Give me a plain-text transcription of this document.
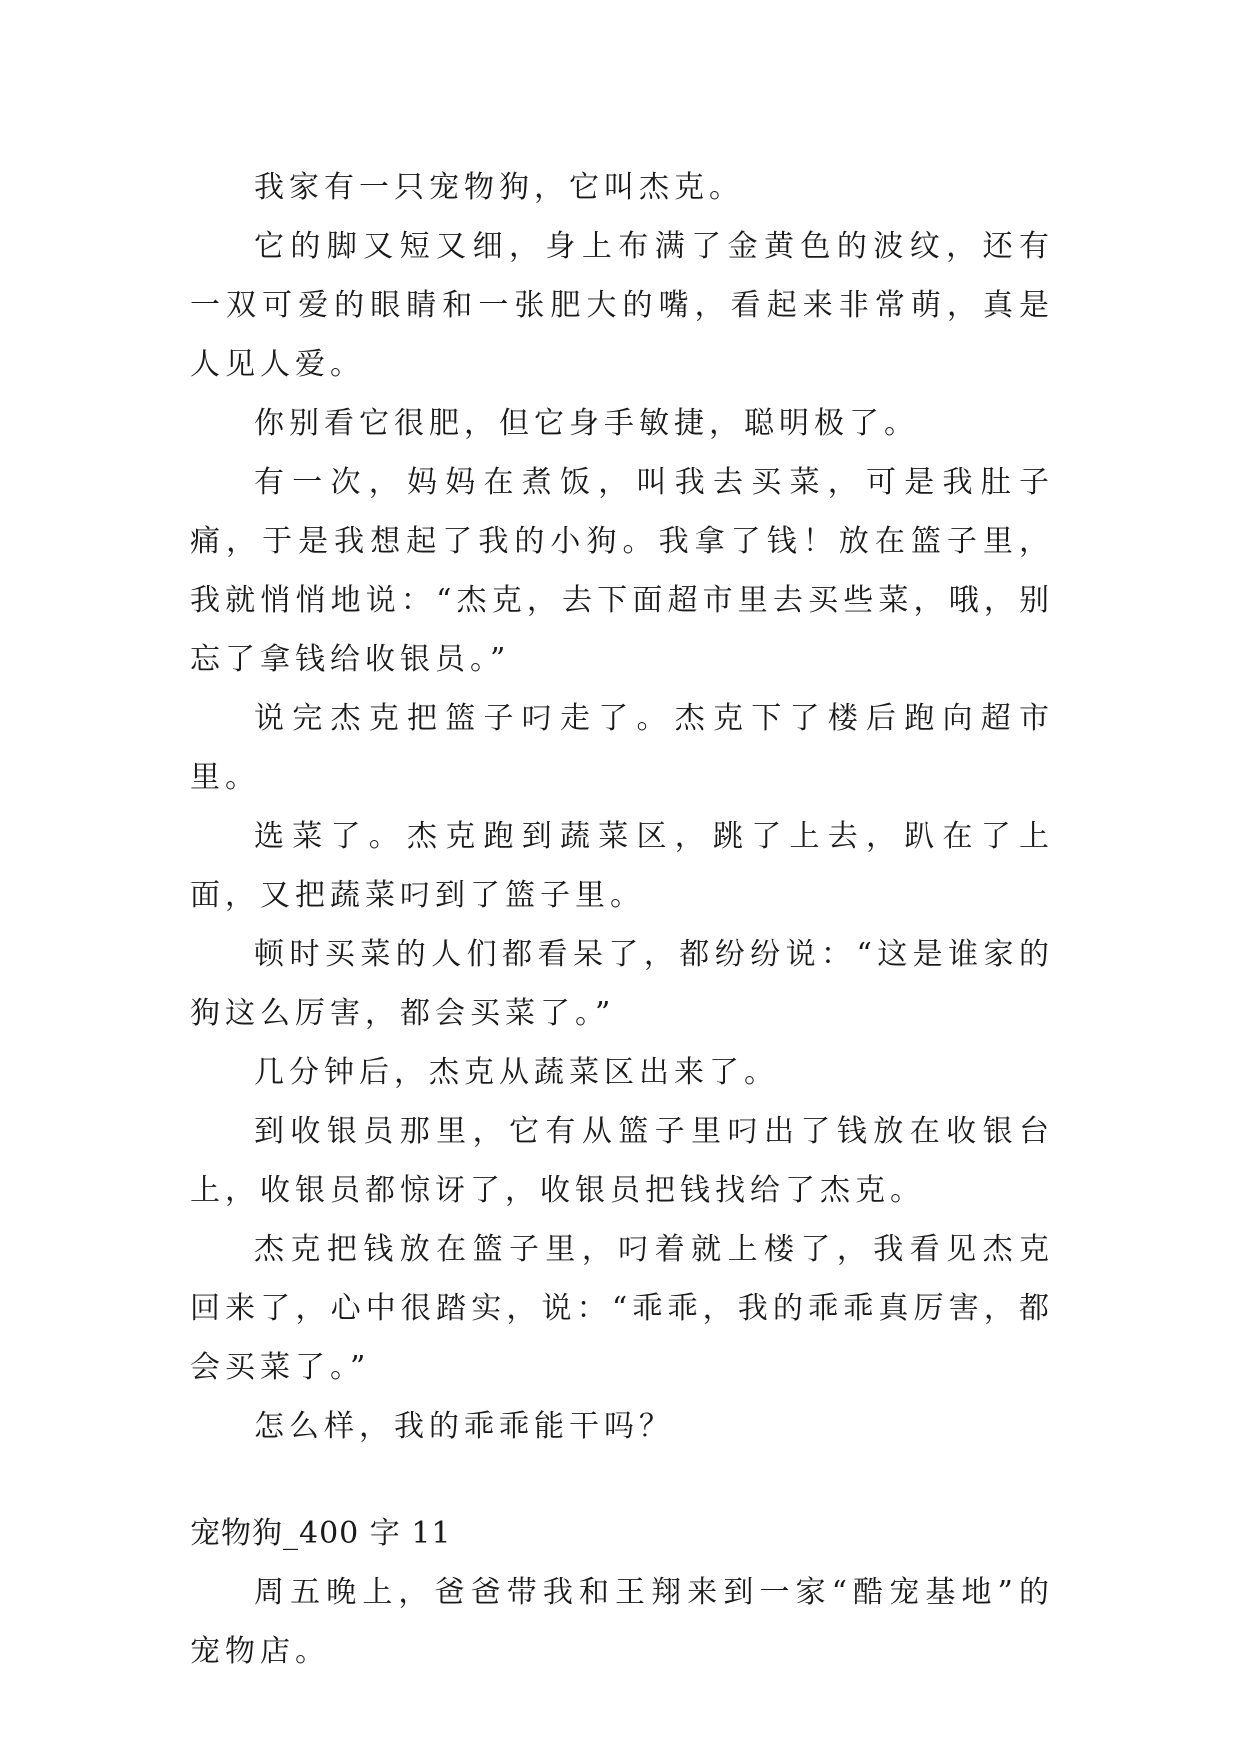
我家有一只宠物狗，它叫杰克。

它的脚又短又细，身上布满了金黄色的波纹，还有一双可爱的眼睛和一张肥大的嘴，看起来非常萌，真是人见人爱。

你别看它很肥，但它身手敏捷，聪明极了。

有一次，妈妈在煮饭，叫我去买菜，可是我肚子痛，于是我想起了我的小狗。我拿了钱！放在篮子里，我就悄悄地说：“杰克，去下面超市里去买些菜，哦，别忘了拿钱给收银员。”

说完杰克把篮子叼走了。杰克下了楼后跑向超市里。

选菜了。杰克跑到蔬菜区，跳了上去，趴在了上面，又把蔬菜叼到了篮子里。

顿时买菜的人们都看呆了，都纷纷说：“这是谁家的狗这么厉害，都会买菜了。”

几分钟后，杰克从蔬菜区出来了。

到收银员那里，它有从篮子里叼出了钱放在收银台上，收银员都惊讶了，收银员把钱找给了杰克。

杰克把钱放在篮子里，叼着就上楼了，我看见杰克回来了，心中很踏实，说：“乖乖，我的乖乖真厉害，都会买菜了。”

怎么样，我的乖乖能干吗？

宠物狗_400 字 11

周五晚上，爸爸带我和王翔来到一家“酷宠基地”的宠物店。
